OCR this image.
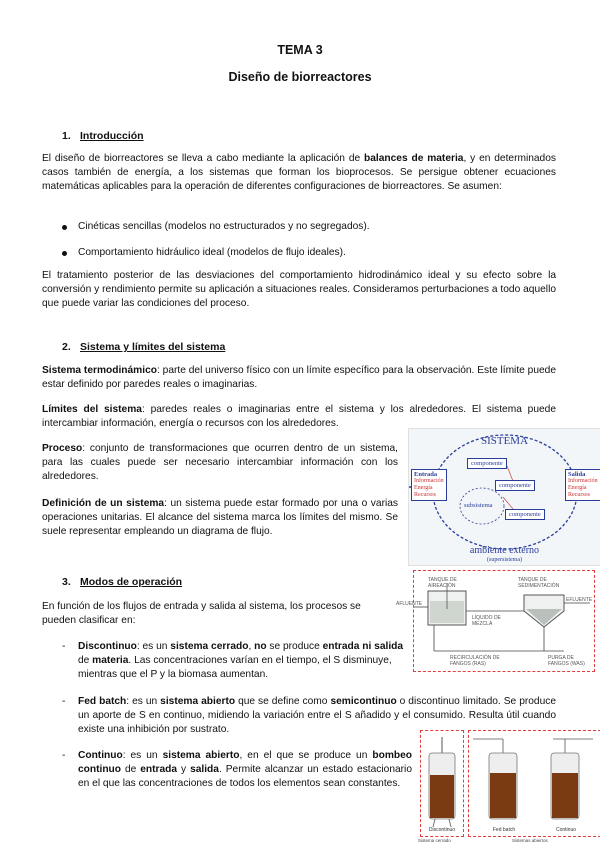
TEMA 3
Diseño de biorreactores
1. Introducción
El diseño de biorreactores se lleva a cabo mediante la aplicación de balances de materia, y en determinados casos también de energía, a los sistemas que forman los bioprocesos. Se persigue obtener ecuaciones matemáticas aplicables para la operación de diferentes configuraciones de biorreactores. Se asumen:
Cinéticas sencillas (modelos no estructurados y no segregados).
Comportamiento hidráulico ideal (modelos de flujo ideales).
El tratamiento posterior de las desviaciones del comportamiento hidrodinámico ideal y su efecto sobre la conversión y rendimiento permite su aplicación a situaciones reales. Consideramos perturbaciones a todo aquello que puede variar las condiciones del proceso.
2. Sistema y límites del sistema
Sistema termodinámico: parte del universo físico con un límite específico para la observación. Este límite puede estar definido por paredes reales o imaginarias.
Límites del sistema: paredes reales o imaginarias entre el sistema y los alrededores. El sistema puede intercambiar información, energía o recursos con los alrededores.
Proceso: conjunto de transformaciones que ocurren dentro de un sistema, para las cuales puede ser necesario intercambiar información con los alrededores.
Definición de un sistema: un sistema puede estar formado por una o varias operaciones unitarias. El alcance del sistema marca los límites del mismo. Se suele representar empleando un diagrama de flujo.
SISTEMA
componente
componente
componente
subsistema
Entrada
Información
Energía
Recursos
Salida
Información
Energía
Recursos
ambiente externo
(supersistema)
3. Modos de operación
En función de los flujos de entrada y salida al sistema, los procesos se pueden clasificar en:
- Discontinuo: es un sistema cerrado, no se produce entrada ni salida de materia. Las concentraciones varían en el tiempo, el S disminuye, mientras que el P y la biomasa aumentan.
- Fed batch: es un sistema abierto que se define como semicontinuo o discontinuo limitado. Se produce un aporte de S en continuo, midiendo la variación entre el S añadido y el consumido. Resulta útil cuando existe una inhibición por sustrato.
- Continuo: es un sistema abierto, en el que se produce un bombeo continuo de entrada y salida. Permite alcanzar un estado estacionario en el que las concentraciones de todos los elementos sean constantes.
TANQUE DE AIREACIÓN
TANQUE DE SEDIMENTACIÓN
AFLUENTE
EFLUENTE
LÍQUIDO DE MEZCLA
RECIRCULACIÓN DE FANGOS (RAS)
PURGA DE FANGOS (WAS)
Discontinuo	Fed batch	Continuo
Sistema cerrado	Sistemas abiertos
